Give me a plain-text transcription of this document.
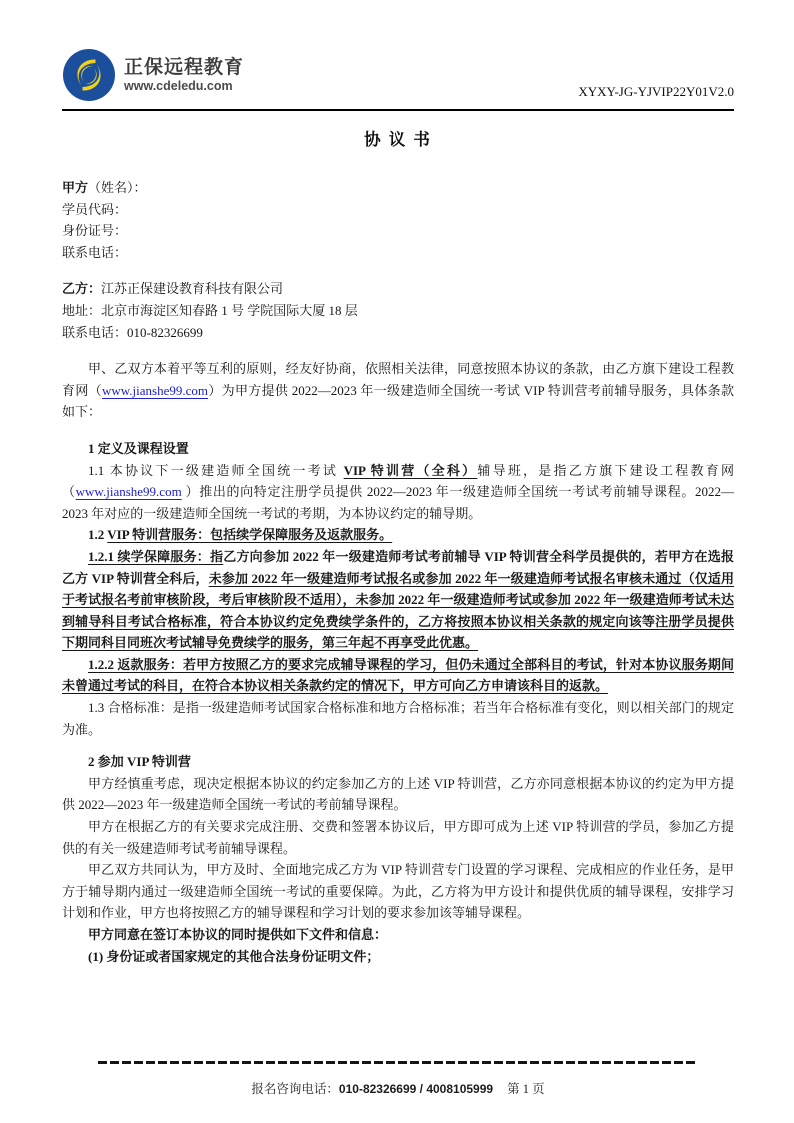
正保远程教育
www.cdeledu.com	XYXY-JG-YJVIP22Y01V2.0
协 议 书

甲方（姓名）：

学员代码：

身份证号：

联系电话：

乙方：江苏正保建设教育科技有限公司

地址：北京市海淀区知春路 1 号 学院国际大厦 18 层

联系电话：010-82326699

甲、乙双方本着平等互利的原则，经友好协商，依照相关法律，同意按照本协议的条款，由乙方旗下建设工程教育网（www.jianshe99.com）为甲方提供 2022—2023 年一级建造师全国统一考试 VIP 特训营考前辅导服务，具体条款如下：

1 定义及课程设置

1.1 本协议下一级建造师全国统一考试 VIP 特训营（全科）辅导班，是指乙方旗下建设工程教育网（www.jianshe99.com ）推出的向特定注册学员提供 2022—2023 年一级建造师全国统一考试考前辅导课程。2022—2023 年对应的一级建造师全国统一考试的考期，为本协议约定的辅导期。

1.2 VIP 特训营服务：包括续学保障服务及返款服务。

1.2.1 续学保障服务：指乙方向参加 2022 年一级建造师考试考前辅导 VIP 特训营全科学员提供的，若甲方在选报乙方 VIP 特训营全科后，未参加 2022 年一级建造师考试报名或参加 2022 年一级建造师考试报名审核未通过（仅适用于考试报名考前审核阶段，考后审核阶段不适用），未参加 2022 年一级建造师考试或参加 2022 年一级建造师考试未达到辅导科目考试合格标准，符合本协议约定免费续学条件的，乙方将按照本协议相关条款的规定向该等注册学员提供下期同科目同班次考试辅导免费续学的服务，第三年起不再享受此优惠。

1.2.2 返款服务：若甲方按照乙方的要求完成辅导课程的学习，但仍未通过全部科目的考试，针对本协议服务期间未曾通过考试的科目，在符合本协议相关条款约定的情况下，甲方可向乙方申请该科目的返款。

1.3 合格标准：是指一级建造师考试国家合格标准和地方合格标准；若当年合格标准有变化，则以相关部门的规定 为准。

2 参加 VIP 特训营

甲方经慎重考虑，现决定根据本协议的约定参加乙方的上述 VIP 特训营，乙方亦同意根据本协议的约定为甲方提供 2022—2023 年一级建造师全国统一考试的考前辅导课程。

甲方在根据乙方的有关要求完成注册、交费和签署本协议后，甲方即可成为上述 VIP 特训营的学员，参加乙方提供的有关一级建造师考试考前辅导课程。

甲乙双方共同认为，甲方及时、全面地完成乙方为 VIP 特训营专门设置的学习课程、完成相应的作业任务，是甲方于辅导期内通过一级建造师全国统一考试的重要保障。为此，乙方将为甲方设计和提供优质的辅导课程，安排学习计划和作业，甲方也将按照乙方的辅导课程和学习计划的要求参加该等辅导课程。

甲方同意在签订本协议的同时提供如下文件和信息：

(1) 身份证或者国家规定的其他合法身份证明文件；

报名咨询电话：010-82326699 / 4008105999 第 1 页
